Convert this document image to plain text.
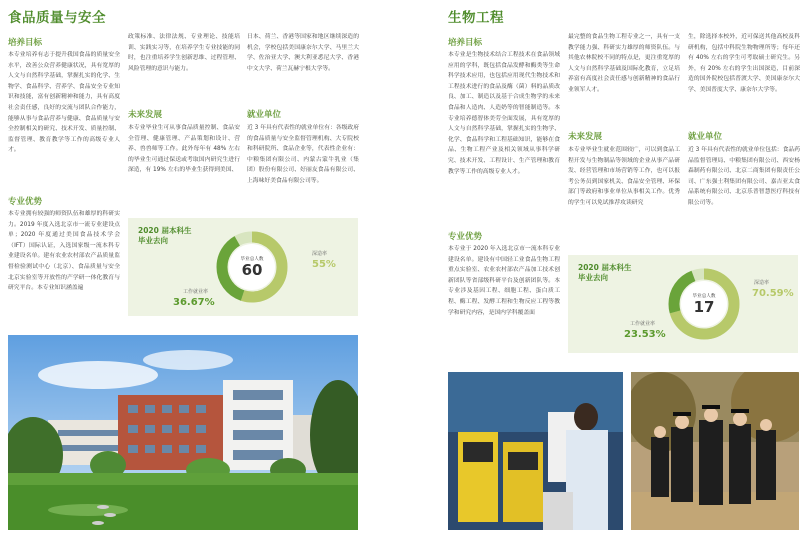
食品质量与安全
培养目标
本专业培养有志于提升我国食品的质量安全水平，改善公众营养健康状况，具有宽厚的人文与自然科学基础，掌握扎实的化学、生物学、食品科学、营养学、食品安全专业知识和技能，富有创新精神和能力，具有高度社会责任感，良好的交流与团队合作能力，能够从事与食品营养与健康、食品质量与安全控制相关的研究、技术开发、质量控制、监督管理、教育教学等工作的高级专业人才。
专业优势
本专业拥有较强的师资队伍和雄厚的科研实力。2019 年度入选北京市一流专业建设点单；2020 年度通过美国食品技术学会（IFT）国际认证，入选国家级一流本科专业建设名单。建有农业农村部农产品质量监督检验测试中心（北京）、食品质量与安全北京实验室等开放性的产学研一体化教育与研究平台。本专业知识涵盖遍
政策标准、法律法规、专业理论、技能培训、实践实习等，在培养学生专业技能的同时，也注重培养学生创新思维、过程管理、风险管理的意识与能力。
未来发展
本专业毕业生可从事食品质量控制、食品安全管理、健康管理、产品策划和设计、营养、兽兽师等工作。此外每年有 48% 左右的毕业生可通过保送或考取国内研究生进行深造，有 19% 左右的毕业生获得到美国、
日本、荷兰、香港等国家和地区继续深造的机会，学校包括美国康奈尔大学、马里兰大学、佐治亚大学、澳大利亚悉尼大学、香港中文大学、荷兰瓦赫宁根大学等。
就业单位
近 3 年具有代表性的就业单位有：各级政府的食品质量与安全监督管理机构、大专院校和科研院所、食品企业等，代表性企业有：中粮集团有限公司、内蒙古蒙牛乳业（集团）股份有限公司、好丽友食品有限公司、上海味好美食品有限公司等。
2020 届本科生
毕业去向
毕业总人数
60
深造率
55%
工作就业率
36.67%
生物工程
培养目标
本专业是生物技术结合工程技术在食品领域应用的学科，既包括食品发酵和酶类等生命科学技术应用，也包括应用现代生物技术和工程技术进行的食品及酶（菌）料的品质改良、加工、制造以及基于合成生物学的未来食品和人造肉、人造奶等的智能制造等。本专业培养德智体美劳全面发展，具有宽厚的人文与自然科学基础，掌握扎实的生物学、化学、食品科学和工程基础知识，能够在食品、生物工程产业及相关领域从事科学研究、技术开发、工程设计、生产管理和教育教学等工作的高级专业人才。
专业优势
本专业于 2020 年入选北京市一流本科专业建设名单。建设有中国轻工业食品生物工程重点实验室、农业农村部农产品加工技术创新团队等省部级科研平台及创新团队等。本专业涉及基因工程、细胞工程、蛋白质工程、酶工程、发酵工程和生物反应工程等教学和研究内容，是国内学科覆盖面
最完整的食品生物工程专业之一，具有一支教学能力强、科研实力雄厚的师资队伍。与其他农林院校不同的特点是，更注重宽厚的人文与自然科学基础及国际化教育，立足培养富有高度社会责任感与创新精神的食品行业领军人才。
未来发展
本专业毕业生就业范围较广，可以到食品工程开发与生物制品等领域的企业从事产品研发、经营管理和市场营销等工作，也可以报考公务员到国家机关、食品安全管理、环保部门等政府和事业单位从事相关工作。优秀的学生可以免试推荐攻读研究
生，除选择本校外，近可保送其他高校及科研机构，包括中科院生物物理所等；每年还有 40% 左右的学生可考取硕士研究生。另外，有 20% 左右的学生出国深造，目前深造的国外院校包括普渡大学、美国康奈尔大学、美国普度大学、康奈尔大学等。
就业单位
近 3 年具有代表性的就业单位包括：食品药品监督管理局、中粮集团有限公司、西安杨森制药有限公司、北京二商集团有限责任公司、广东强士利集团有限公司、嘉吉亚太食品系统有限公司、北京乐普智慧医疗科技有限公司等。
2020 届本科生
毕业去向
毕业总人数
17
深造率
70.59%
工作就业率
23.53%
